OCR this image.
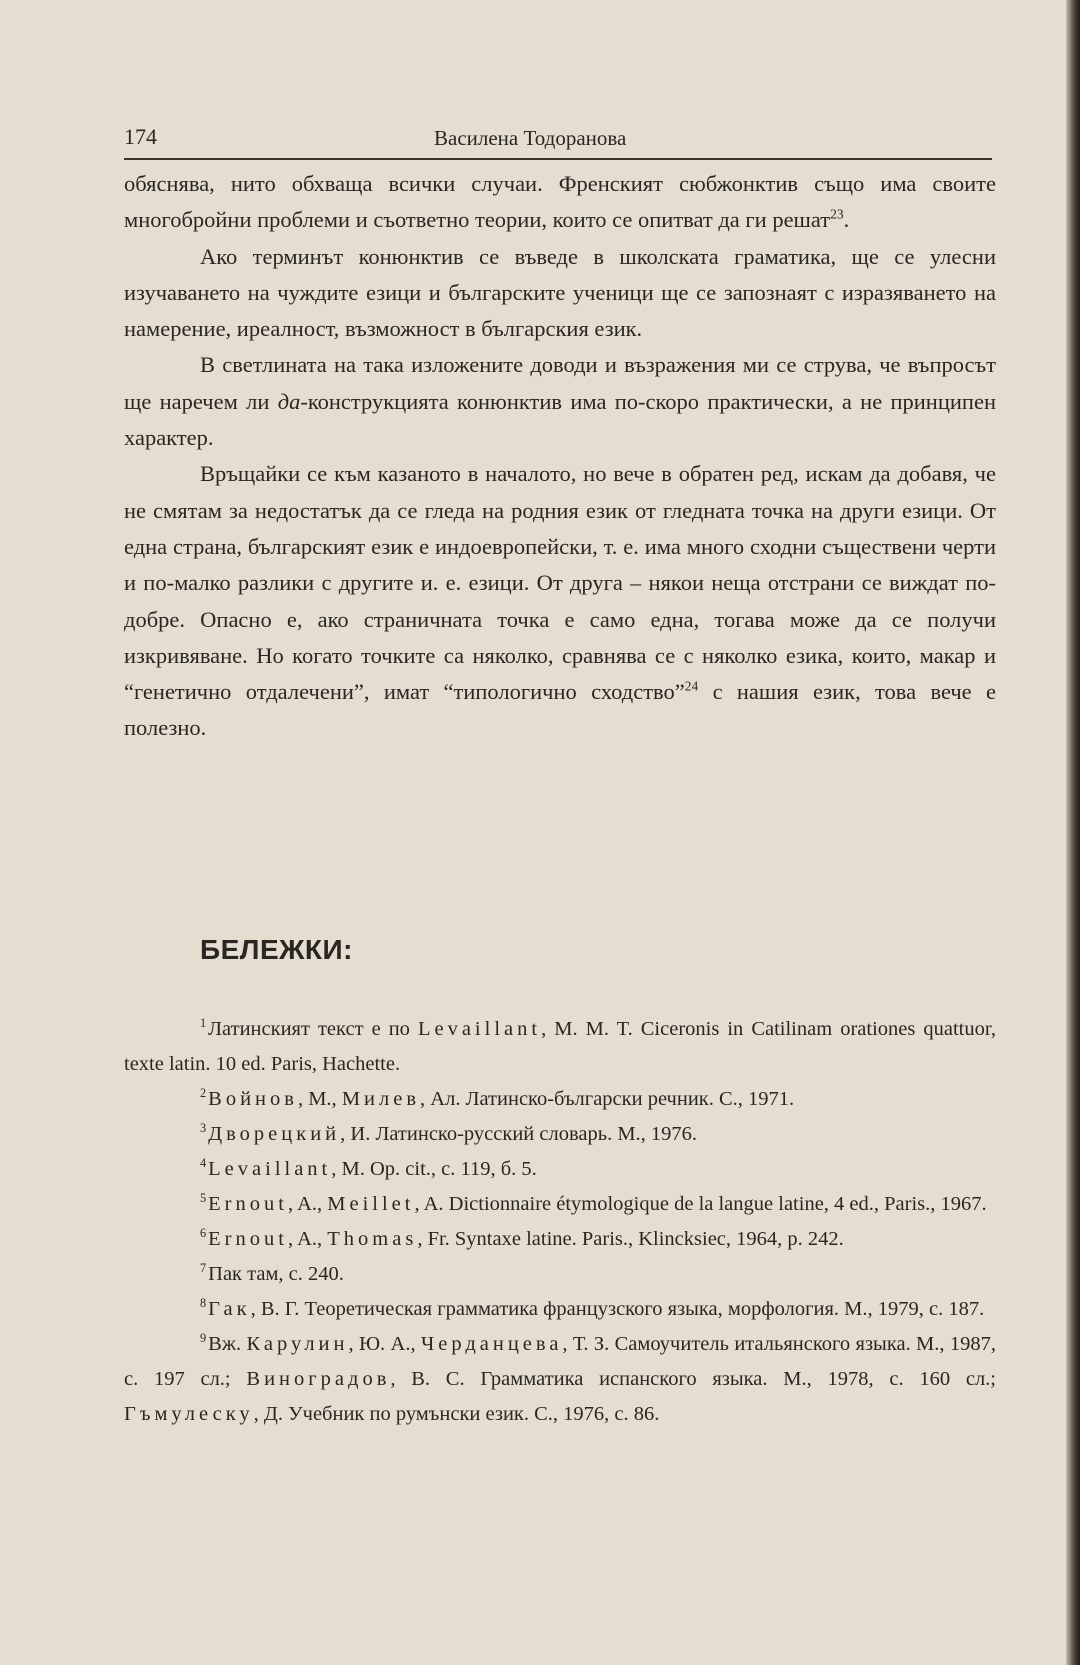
174	Василена Тодоранова

обяснява, нито обхваща всички случаи. Френският сюбжонктив също има своите многобройни проблеми и съответно теории, които се опитват да ги решат$^{23}$.

Ако терминът конюнктив се въведе в школската граматика, ще се улесни изучаването на чуждите езици и българските ученици ще се запознаят с изразяването на намерение, иреалност, възможност в българския език.

В светлината на така изложените доводи и възражения ми се струва, че въпросът ще наречем ли да-конструкцията конюнктив има по-скоро практически, а не принципен характер.

Връщайки се към казаното в началото, но вече в обратен ред, искам да добавя, че не смятам за недостатък да се гледа на родния език от гледната точка на други езици. От една страна, българският език е индоевропейски, т. е. има много сходни съществени черти и по-малко разлики с другите и. е. езици. От друга – някои неща отстрани се виждат по-добре. Опасно е, ако страничната точка е само една, тогава може да се получи изкривяване. Но когато точките са няколко, сравнява се с няколко езика, които, макар и “генетично отдалечени”, имат “типологично сходство”$^{24}$ с нашия език, това вече е полезно.

БЕЛЕЖКИ:

$^1$Латинският текст е по Levaillant, M. M. T. Ciceronis in Catilinam orationes quattuor, texte latin. 10 ed. Paris, Hachette.

$^2$Войнов, М., Милев, Ал. Латинско-български речник. С., 1971.

$^3$Дворецкий, И. Латинско-русский словарь. М., 1976.

$^4$Levaillant, M. Op. cit., с. 119, б. 5.

$^5$Ernout, A., Meillet, A. Dictionnaire étymologique de la langue latine, 4 ed., Paris., 1967.

$^6$Ernout, A., Thomas, Fr. Syntaxe latine. Paris., Klincksiec, 1964, p. 242.

$^7$Пак там, с. 240.

$^8$Гак, В. Г. Теоретическая грамматика французского языка, морфология. М., 1979, с. 187.

$^9$Вж. Карулин, Ю. А., Черданцева, Т. З. Самоучитель итальянского языка. М., 1987, с. 197 сл.; Виноградов, В. С. Грамматика испанского языка. М., 1978, с. 160 сл.; Гъмулеску, Д. Учебник по румънски език. С., 1976, с. 86.
